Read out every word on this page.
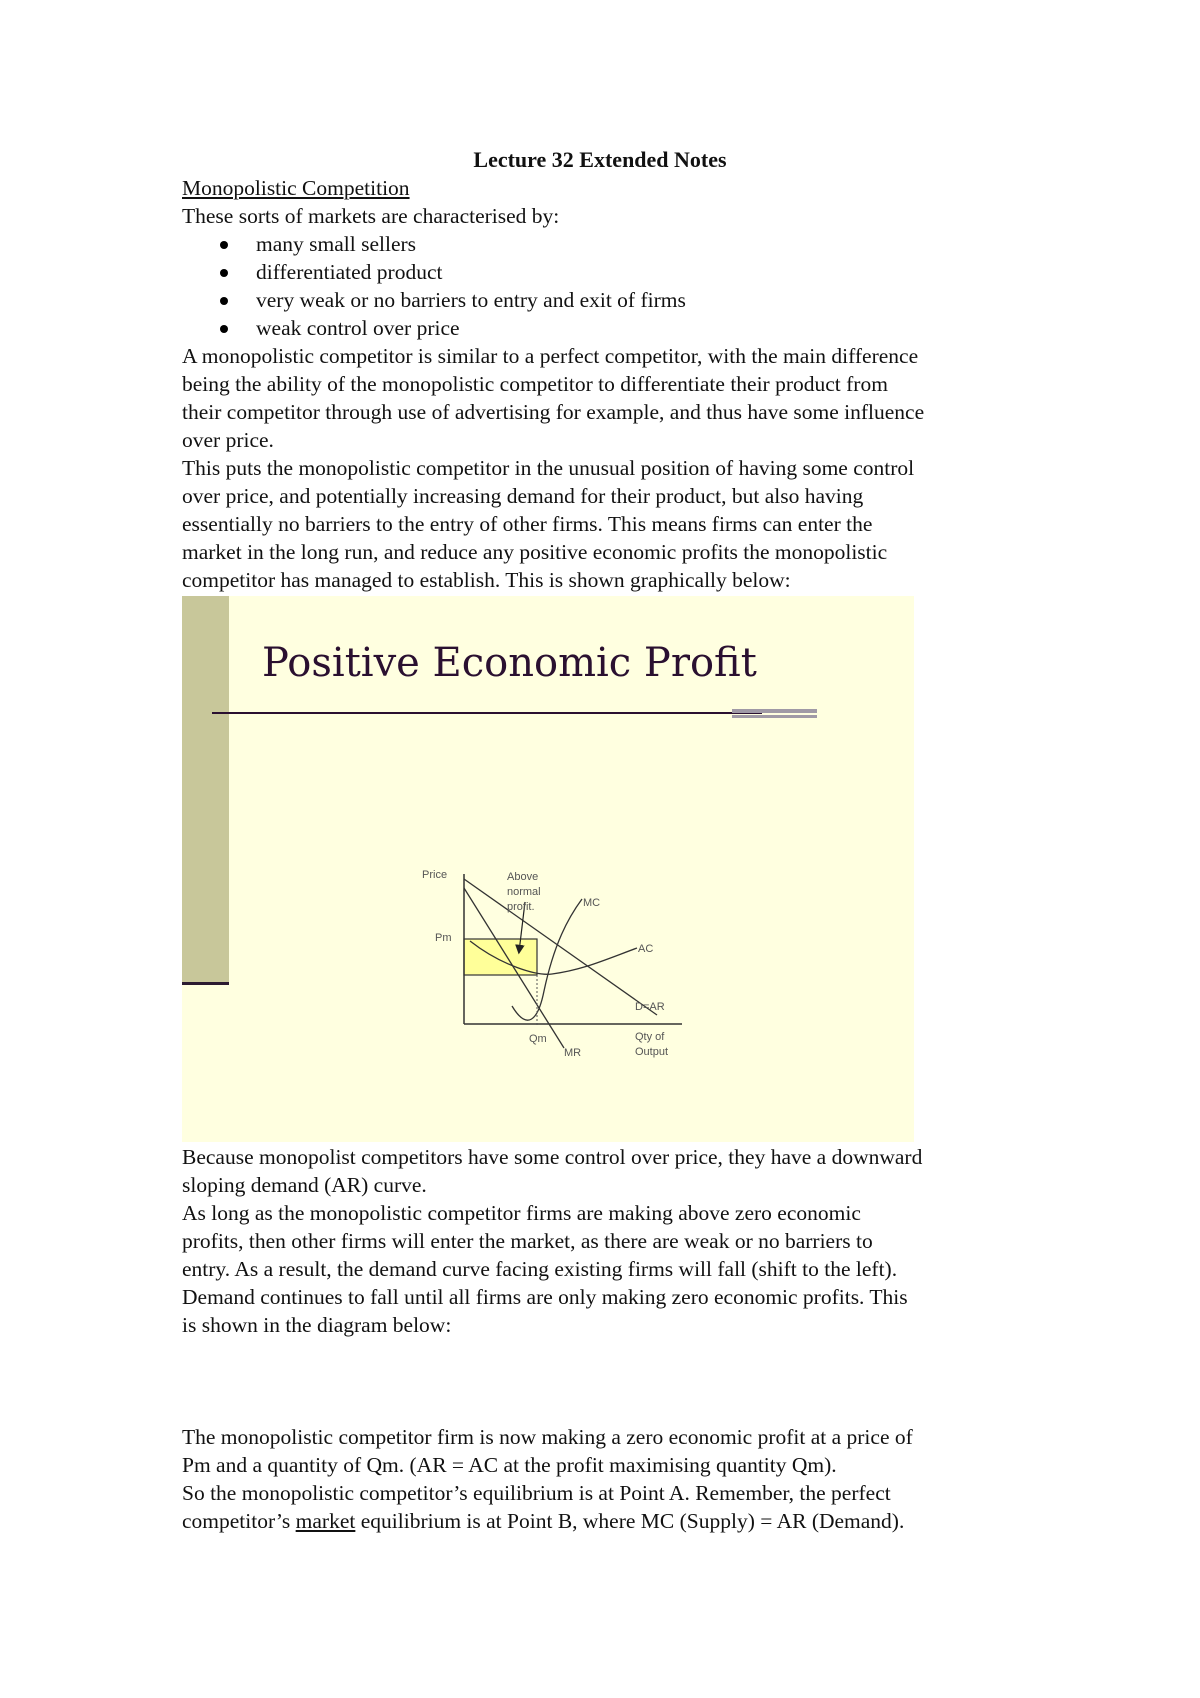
Lecture 32 Extended Notes
Monopolistic Competition
These sorts of markets are characterised by:
many small sellers
differentiated product
very weak or no barriers to entry and exit of firms
weak control over price
A monopolistic competitor is similar to a perfect competitor, with the main difference
being the ability of the monopolistic competitor to differentiate their product from
their competitor through use of advertising for example, and thus have some influence
over price.
This puts the monopolistic competitor in the unusual position of having some control
over price, and potentially increasing demand for their product, but also having
essentially no barriers to the entry of other firms. This means firms can enter the
market in the long run, and reduce any positive economic profits the monopolistic
competitor has managed to establish. This is shown graphically below:
Positive Economic Profit
Price
Pm
Qm
Above
normal
profit.	MC
AC
D=AR
Qty of
Output
MR
Because monopolist competitors have some control over price, they have a downward
sloping demand (AR) curve.
As long as the monopolistic competitor firms are making above zero economic
profits, then other firms will enter the market, as there are weak or no barriers to
entry. As a result, the demand curve facing existing firms will fall (shift to the left).
Demand continues to fall until all firms are only making zero economic profits. This
is shown in the diagram below:
The monopolistic competitor firm is now making a zero economic profit at a price of
Pm and a quantity of Qm. (AR = AC at the profit maximising quantity Qm).
So the monopolistic competitor’s equilibrium is at Point A. Remember, the perfect
competitor’s market equilibrium is at Point B, where MC (Supply) = AR (Demand).
